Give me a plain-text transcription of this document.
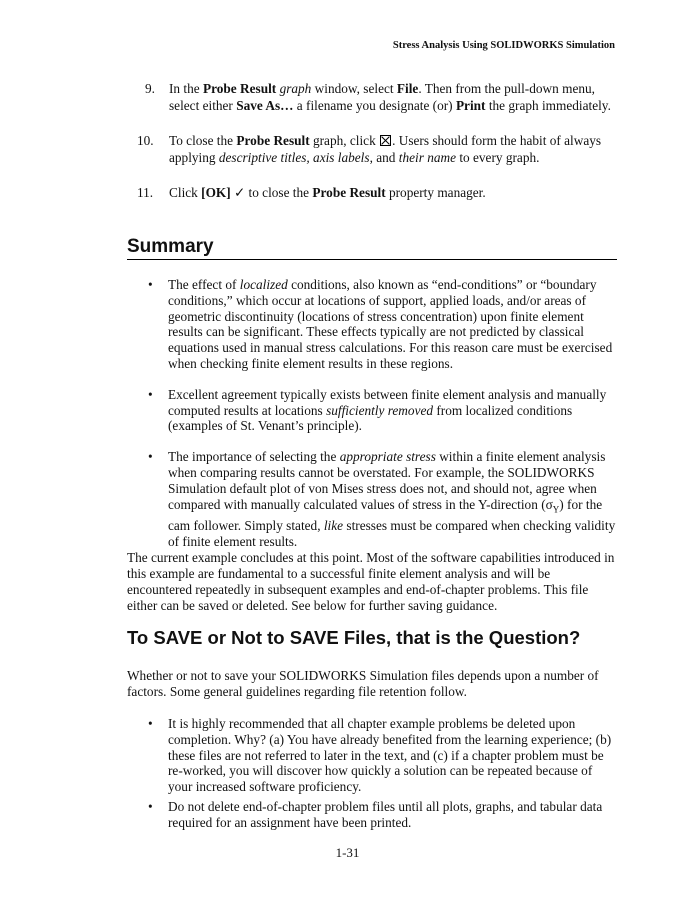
Stress Analysis Using SOLIDWORKS Simulation
9. In the Probe Result graph window, select File. Then from the pull-down menu, select either Save As… a filename you designate (or) Print the graph immediately.
10. To close the Probe Result graph, click . Users should form the habit of always applying descriptive titles, axis labels, and their name to every graph.
11. Click [OK] ✓ to close the Probe Result property manager.
Summary
• The effect of localized conditions, also known as “end-conditions” or “boundary conditions,” which occur at locations of support, applied loads, and/or areas of geometric discontinuity (locations of stress concentration) upon finite element results can be significant. These effects typically are not predicted by classical equations used in manual stress calculations. For this reason care must be exercised when checking finite element results in these regions.
• Excellent agreement typically exists between finite element analysis and manually computed results at locations sufficiently removed from localized conditions (examples of St. Venant’s principle).
• The importance of selecting the appropriate stress within a finite element analysis when comparing results cannot be overstated. For example, the SOLIDWORKS Simulation default plot of von Mises stress does not, and should not, agree when compared with manually calculated values of stress in the Y-direction $(\sigma_Y)$ for the cam follower. Simply stated, like stresses must be compared when checking validity of finite element results.
The current example concludes at this point. Most of the software capabilities introduced in this example are fundamental to a successful finite element analysis and will be encountered repeatedly in subsequent examples and end-of-chapter problems. This file either can be saved or deleted. See below for further saving guidance.
To SAVE or Not to SAVE Files, that is the Question?
Whether or not to save your SOLIDWORKS Simulation files depends upon a number of factors. Some general guidelines regarding file retention follow.
• It is highly recommended that all chapter example problems be deleted upon completion. Why? (a) You have already benefited from the learning experience; (b) these files are not referred to later in the text, and (c) if a chapter problem must be re-worked, you will discover how quickly a solution can be repeated because of your increased software proficiency.
• Do not delete end-of-chapter problem files until all plots, graphs, and tabular data required for an assignment have been printed.
1-31
